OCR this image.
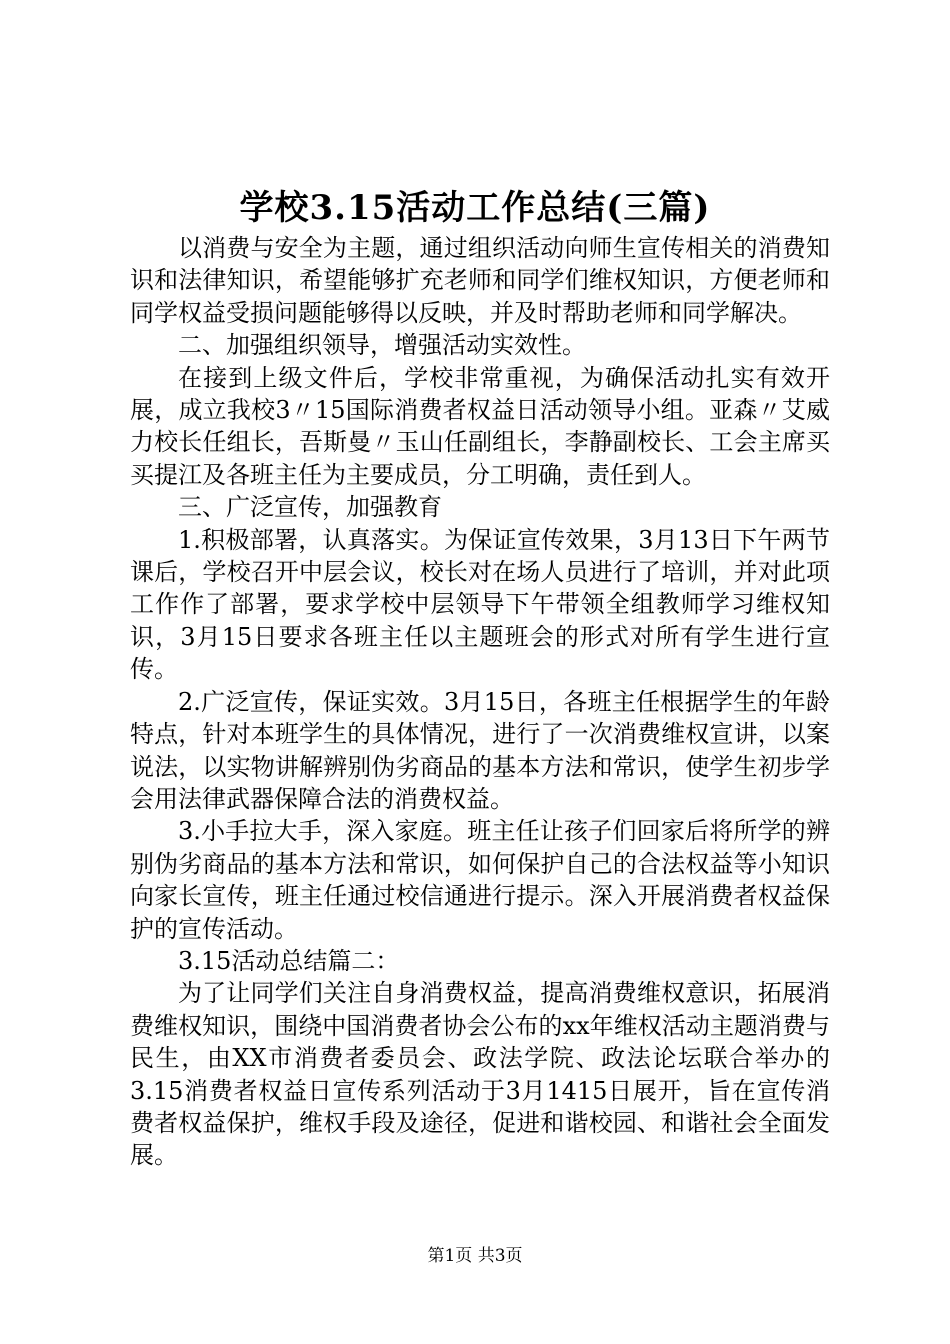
学校3.15活动工作总结(三篇)

以消费与安全为主题，通过组织活动向师生宣传相关的消费知识和法律知识，希望能够扩充老师和同学们维权知识，方便老师和同学权益受损问题能够得以反映，并及时帮助老师和同学解决。

二、加强组织领导，增强活动实效性。

在接到上级文件后，学校非常重视，为确保活动扎实有效开展，成立我校3〃15国际消费者权益日活动领导小组。亚森〃艾威力校长任组长，吾斯曼〃玉山任副组长，李静副校长、工会主席买买提江及各班主任为主要成员，分工明确，责任到人。

三、广泛宣传，加强教育

1.积极部署，认真落实。为保证宣传效果，3月13日下午两节课后，学校召开中层会议，校长对在场人员进行了培训，并对此项工作作了部署，要求学校中层领导下午带领全组教师学习维权知识，3月15日要求各班主任以主题班会的形式对所有学生进行宣传。

2.广泛宣传，保证实效。3月15日，各班主任根据学生的年龄特点，针对本班学生的具体情况，进行了一次消费维权宣讲，以案说法，以实物讲解辨别伪劣商品的基本方法和常识，使学生初步学会用法律武器保障合法的消费权益。

3.小手拉大手，深入家庭。班主任让孩子们回家后将所学的辨别伪劣商品的基本方法和常识，如何保护自己的合法权益等小知识向家长宣传，班主任通过校信通进行提示。深入开展消费者权益保护的宣传活动。

3.15活动总结篇二：

为了让同学们关注自身消费权益，提高消费维权意识，拓展消费维权知识，围绕中国消费者协会公布的xx年维权活动主题消费与民生，由XX市消费者委员会、政法学院、政法论坛联合举办的3.15消费者权益日宣传系列活动于3月1415日展开，旨在宣传消费者权益保护，维权手段及途径，促进和谐校园、和谐社会全面发展。

第1页 共3页
